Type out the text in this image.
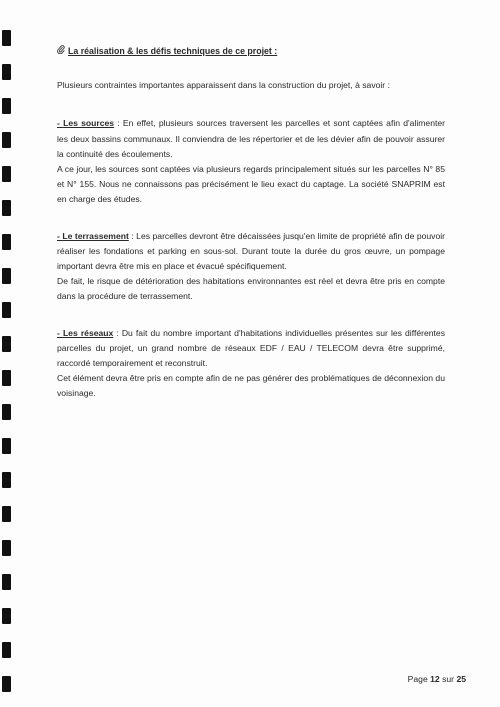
La réalisation & les défis techniques de ce projet :

Plusieurs contraintes importantes apparaissent dans la construction du projet, à savoir :

- Les sources : En effet, plusieurs sources traversent les parcelles et sont captées afin d'alimenter les deux bassins communaux. Il conviendra de les répertorier et de les dévier afin de pouvoir assurer la continuité des écoulements.

A ce jour, les sources sont captées via plusieurs regards principalement situés sur les parcelles N° 85 et N° 155. Nous ne connaissons pas précisément le lieu exact du captage. La société SNAPRIM est en charge des études.

- Le terrassement : Les parcelles devront être décaissées jusqu'en limite de propriété afin de pouvoir réaliser les fondations et parking en sous-sol. Durant toute la durée du gros œuvre, un pompage important devra être mis en place et évacué spécifiquement.

De fait, le risque de détérioration des habitations environnantes est réel et devra être pris en compte dans la procédure de terrassement.

- Les réseaux : Du fait du nombre important d'habitations individuelles présentes sur les différentes parcelles du projet, un grand nombre de réseaux EDF / EAU / TELECOM devra être supprimé, raccordé temporairement et reconstruit.

Cet élément devra être pris en compte afin de ne pas générer des problématiques de déconnexion du voisinage.

Page 12 sur 25
